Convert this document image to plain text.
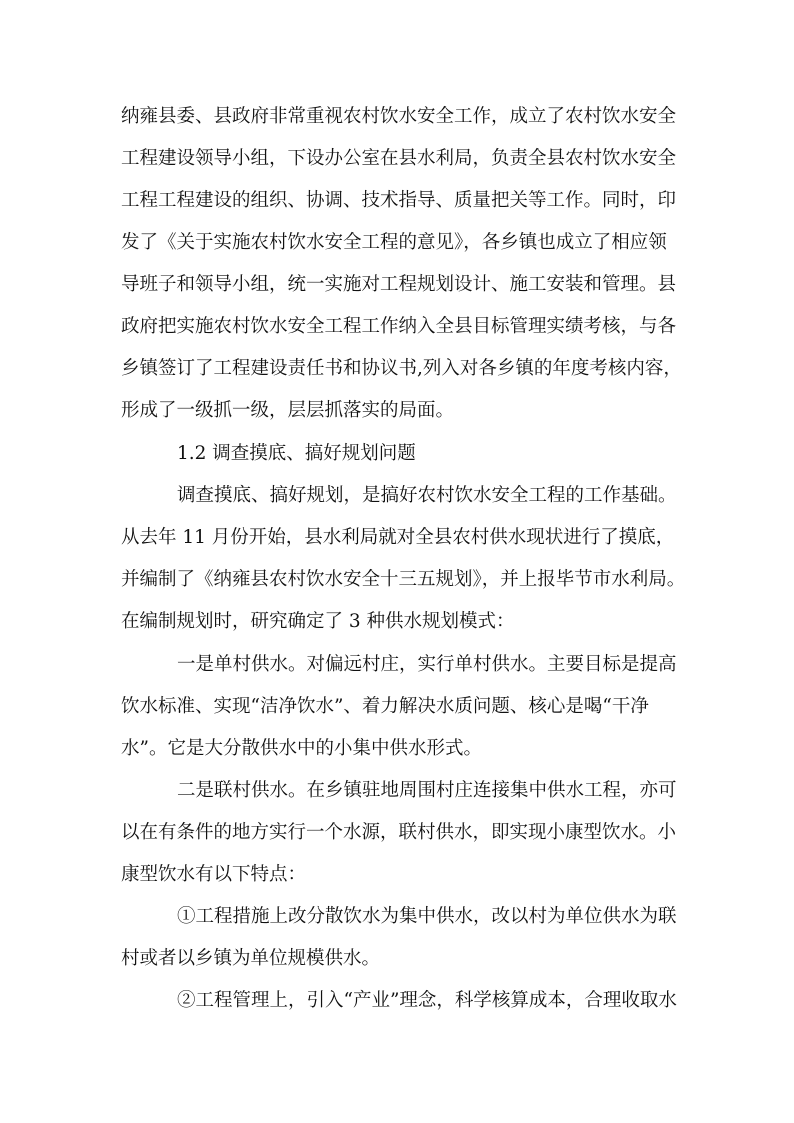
纳雍县委、县政府非常重视农村饮水安全工作，成立了农村饮水安全
工程建设领导小组，下设办公室在县水利局，负责全县农村饮水安全
工程工程建设的组织、协调、技术指导、质量把关等工作。同时，印
发了《关于实施农村饮水安全工程的意见》，各乡镇也成立了相应领
导班子和领导小组，统一实施对工程规划设计、施工安装和管理。县
政府把实施农村饮水安全工程工作纳入全县目标管理实绩考核，与各
乡镇签订了工程建设责任书和协议书,列入对各乡镇的年度考核内容，
形成了一级抓一级，层层抓落实的局面。
1.2 调查摸底、搞好规划问题
调查摸底、搞好规划，是搞好农村饮水安全工程的工作基础。
从去年 11 月份开始，县水利局就对全县农村供水现状进行了摸底，
并编制了《纳雍县农村饮水安全十三五规划》，并上报毕节市水利局。
在编制规划时，研究确定了 3 种供水规划模式：
一是单村供水。对偏远村庄，实行单村供水。主要目标是提高
饮水标准、实现“洁净饮水”、着力解决水质问题、核心是喝“干净
水”。它是大分散供水中的小集中供水形式。
二是联村供水。在乡镇驻地周围村庄连接集中供水工程，亦可
以在有条件的地方实行一个水源，联村供水，即实现小康型饮水。小
康型饮水有以下特点：
①工程措施上改分散饮水为集中供水，改以村为单位供水为联
村或者以乡镇为单位规模供水。
②工程管理上，引入“产业”理念，科学核算成本，合理收取水
